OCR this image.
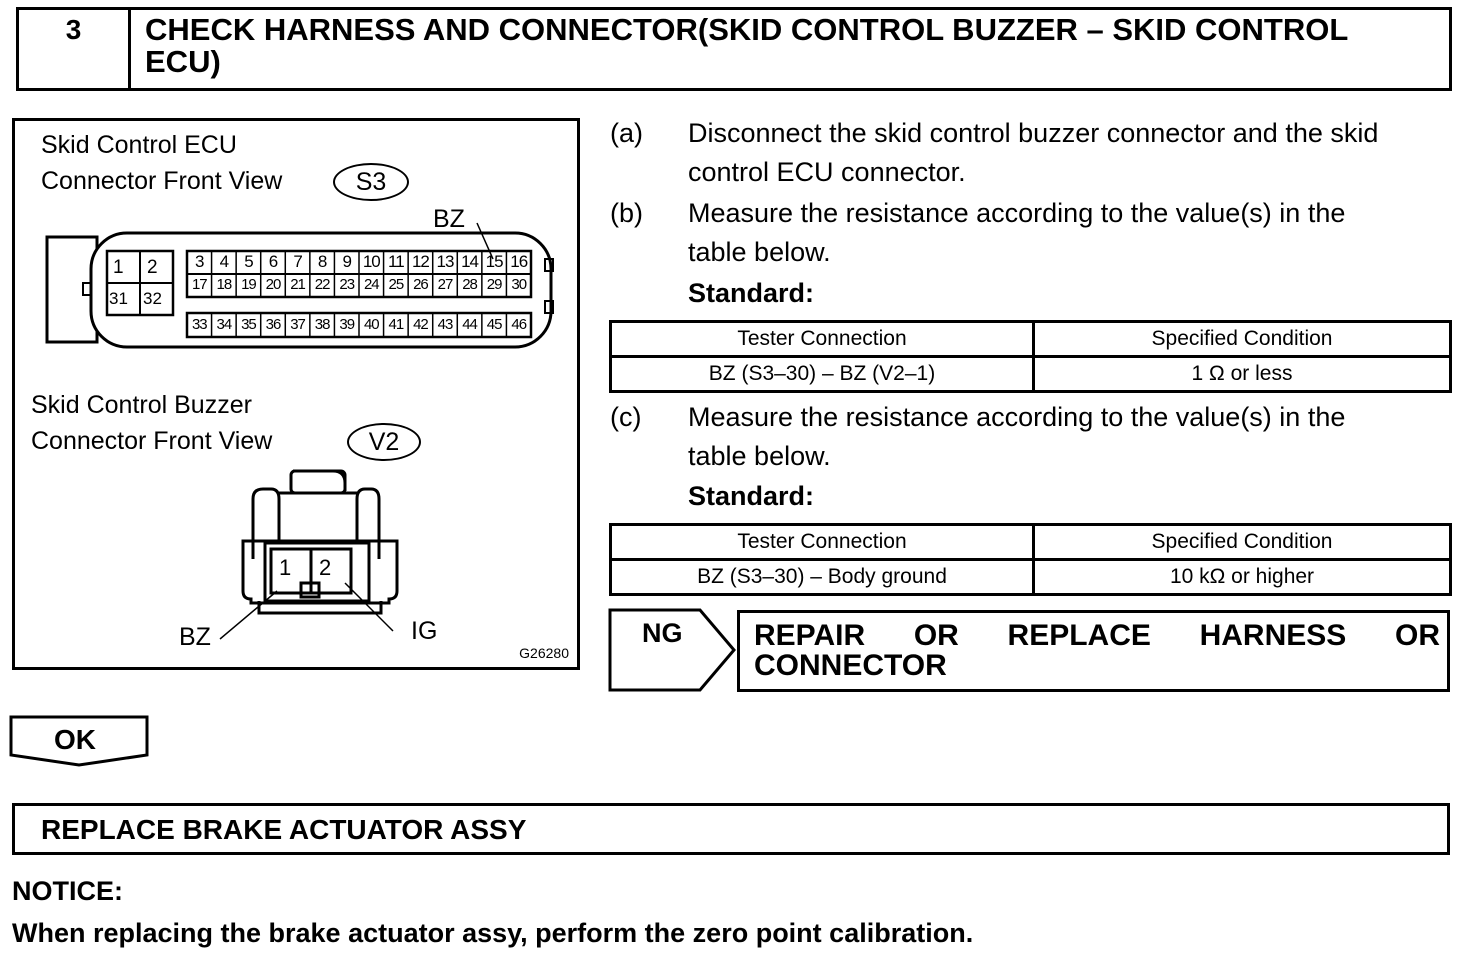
3	CHECK HARNESS AND CONNECTOR(SKID CONTROL BUZZER – SKID CONTROL ECU)
Skid Control ECU
Connector Front View	S3
BZ
1 2
31 32
3 4 5 6 7 8 9 10 11 12 13 14 15 16
17 18 19 20 21 22 23 24 25 26 27 28 29 30
33 34 35 36 37 38 39 40 41 42 43 44 45 46
Skid Control Buzzer
Connector Front View	V2
1 2
BZ	IG
G26280
(a)	Disconnect the skid control buzzer connector and the skid
control ECU connector.
(b)	Measure the resistance according to the value(s) in the
table below.
Standard:
Tester Connection	Specified Condition
BZ (S3–30) – BZ (V2–1)	1 Ω or less
(c)	Measure the resistance according to the value(s) in the
table below.
Standard:
Tester Connection	Specified Condition
BZ (S3–30) – Body ground	10 kΩ or higher
NG REPAIR OR REPLACE HARNESS OR
CONNECTOR
OK
REPLACE BRAKE ACTUATOR ASSY
NOTICE:
When replacing the brake actuator assy, perform the zero point calibration.
